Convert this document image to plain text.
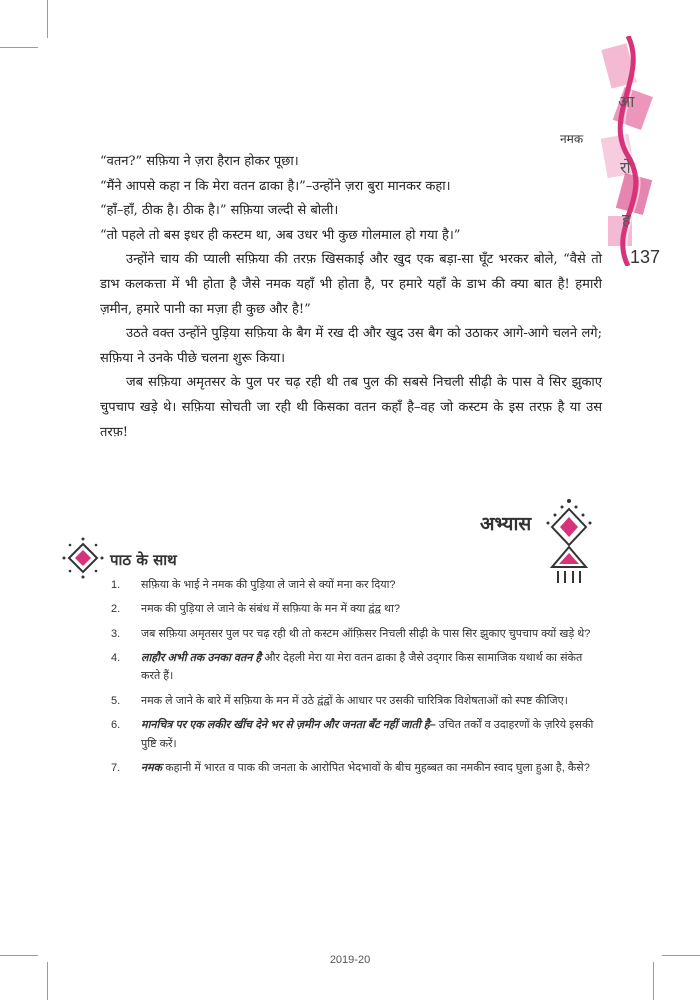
आ
रो
ह
नमक
137

“वतन?” सफ़िया ने ज़रा हैरान होकर पूछा।

“मैंने आपसे कहा न कि मेरा वतन ढाका है।”–उन्होंने ज़रा बुरा मानकर कहा।

“हाँ–हाँ, ठीक है। ठीक है।” सफ़िया जल्दी से बोली।

“तो पहले तो बस इधर ही कस्टम था, अब उधर भी कुछ गोलमाल हो गया है।”

उन्होंने चाय की प्याली सफ़िया की तरफ़ खिसकाई और खुद एक बड़ा-सा घूँट भरकर बोले, “वैसे तो डाभ कलकत्ता में भी होता है जैसे नमक यहाँ भी होता है, पर हमारे यहाँ के डाभ की क्या बात है! हमारी ज़मीन, हमारे पानी का मज़ा ही कुछ और है!”

उठते वक्त उन्होंने पुड़िया सफ़िया के बैग में रख दी और खुद उस बैग को उठाकर आगे-आगे चलने लगे; सफ़िया ने उनके पीछे चलना शुरू किया।

जब सफ़िया अमृतसर के पुल पर चढ़ रही थी तब पुल की सबसे निचली सीढ़ी के पास वे सिर झुकाए चुपचाप खड़े थे। सफ़िया सोचती जा रही थी किसका वतन कहाँ है–वह जो कस्टम के इस तरफ़ है या उस तरफ़!

अभ्यास
पाठ के साथ
1. सफ़िया के भाई ने नमक की पुड़िया ले जाने से क्यों मना कर दिया?
2. नमक की पुड़िया ले जाने के संबंध में सफ़िया के मन में क्या द्वंद्व था?
3. जब सफ़िया अमृतसर पुल पर चढ़ रही थी तो कस्टम ऑफ़िसर निचली सीढ़ी के पास सिर झुकाए चुपचाप क्यों खड़े थे?
4. लाहौर अभी तक उनका वतन है और देहली मेरा या मेरा वतन ढाका है जैसे उद्‌गार किस सामाजिक यथार्थ का संकेत करते हैं।
5. नमक ले जाने के बारे में सफ़िया के मन में उठे द्वंद्वों के आधार पर उसकी चारित्रिक विशेषताओं को स्पष्ट कीजिए।
6. मानचित्र पर एक लकीर खींच देने भर से ज़मीन और जनता बँट नहीं जाती है– उचित तर्कों व उदाहरणों के ज़रिये इसकी पुष्टि करें।
7. नमक कहानी में भारत व पाक की जनता के आरोपित भेदभावों के बीच मुहब्बत का नमकीन स्वाद घुला हुआ है, कैसे?
2019-20
